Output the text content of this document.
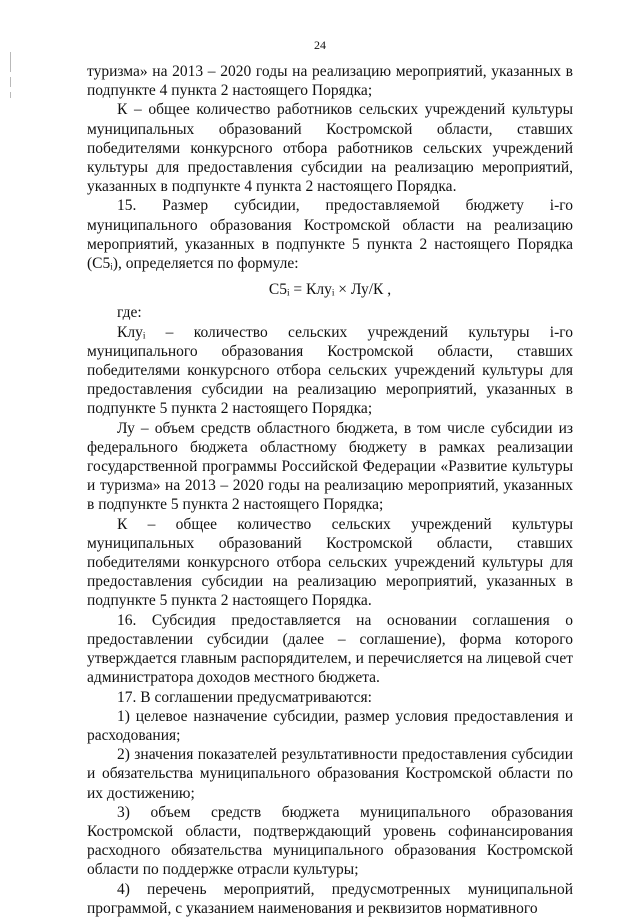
24

туризма» на 2013 – 2020 годы на реализацию мероприятий, указанных в подпункте 4 пункта 2 настоящего Порядка;

К – общее количество работников сельских учреждений культуры муниципальных образований Костромской области, ставших победителями конкурсного отбора работников сельских учреждений культуры для предоставления субсидии на реализацию мероприятий, указанных в подпункте 4 пункта 2 настоящего Порядка.

15. Размер субсидии, предоставляемой бюджету i-го муниципального образования Костромской области на реализацию мероприятий, указанных в подпункте 5 пункта 2 настоящего Порядка (С5ᵢ), определяется по формуле:

С5ᵢ = Клуᵢ × Лу/К ,

где:

Клуᵢ – количество сельских учреждений культуры i-го муниципального образования Костромской области, ставших победителями конкурсного отбора сельских учреждений культуры для предоставления субсидии на реализацию мероприятий, указанных в подпункте 5 пункта 2 настоящего Порядка;

Лу – объем средств областного бюджета, в том числе субсидии из федерального бюджета областному бюджету в рамках реализации государственной программы Российской Федерации «Развитие культуры и туризма» на 2013 – 2020 годы на реализацию мероприятий, указанных в подпункте 5 пункта 2 настоящего Порядка;

К – общее количество сельских учреждений культуры муниципальных образований Костромской области, ставших победителями конкурсного отбора сельских учреждений культуры для предоставления субсидии на реализацию мероприятий, указанных в подпункте 5 пункта 2 настоящего Порядка.

16. Субсидия предоставляется на основании соглашения о предоставлении субсидии (далее – соглашение), форма которого утверждается главным распорядителем, и перечисляется на лицевой счет администратора доходов местного бюджета.

17. В соглашении предусматриваются:

1) целевое назначение субсидии, размер условия предоставления и расходования;

2) значения показателей результативности предоставления субсидии и обязательства муниципального образования Костромской области по их достижению;

3) объем средств бюджета муниципального образования Костромской области, подтверждающий уровень софинансирования расходного обязательства муниципального образования Костромской области по поддержке отрасли культуры;

4) перечень мероприятий, предусмотренных муниципальной программой, с указанием наименования и реквизитов нормативного
